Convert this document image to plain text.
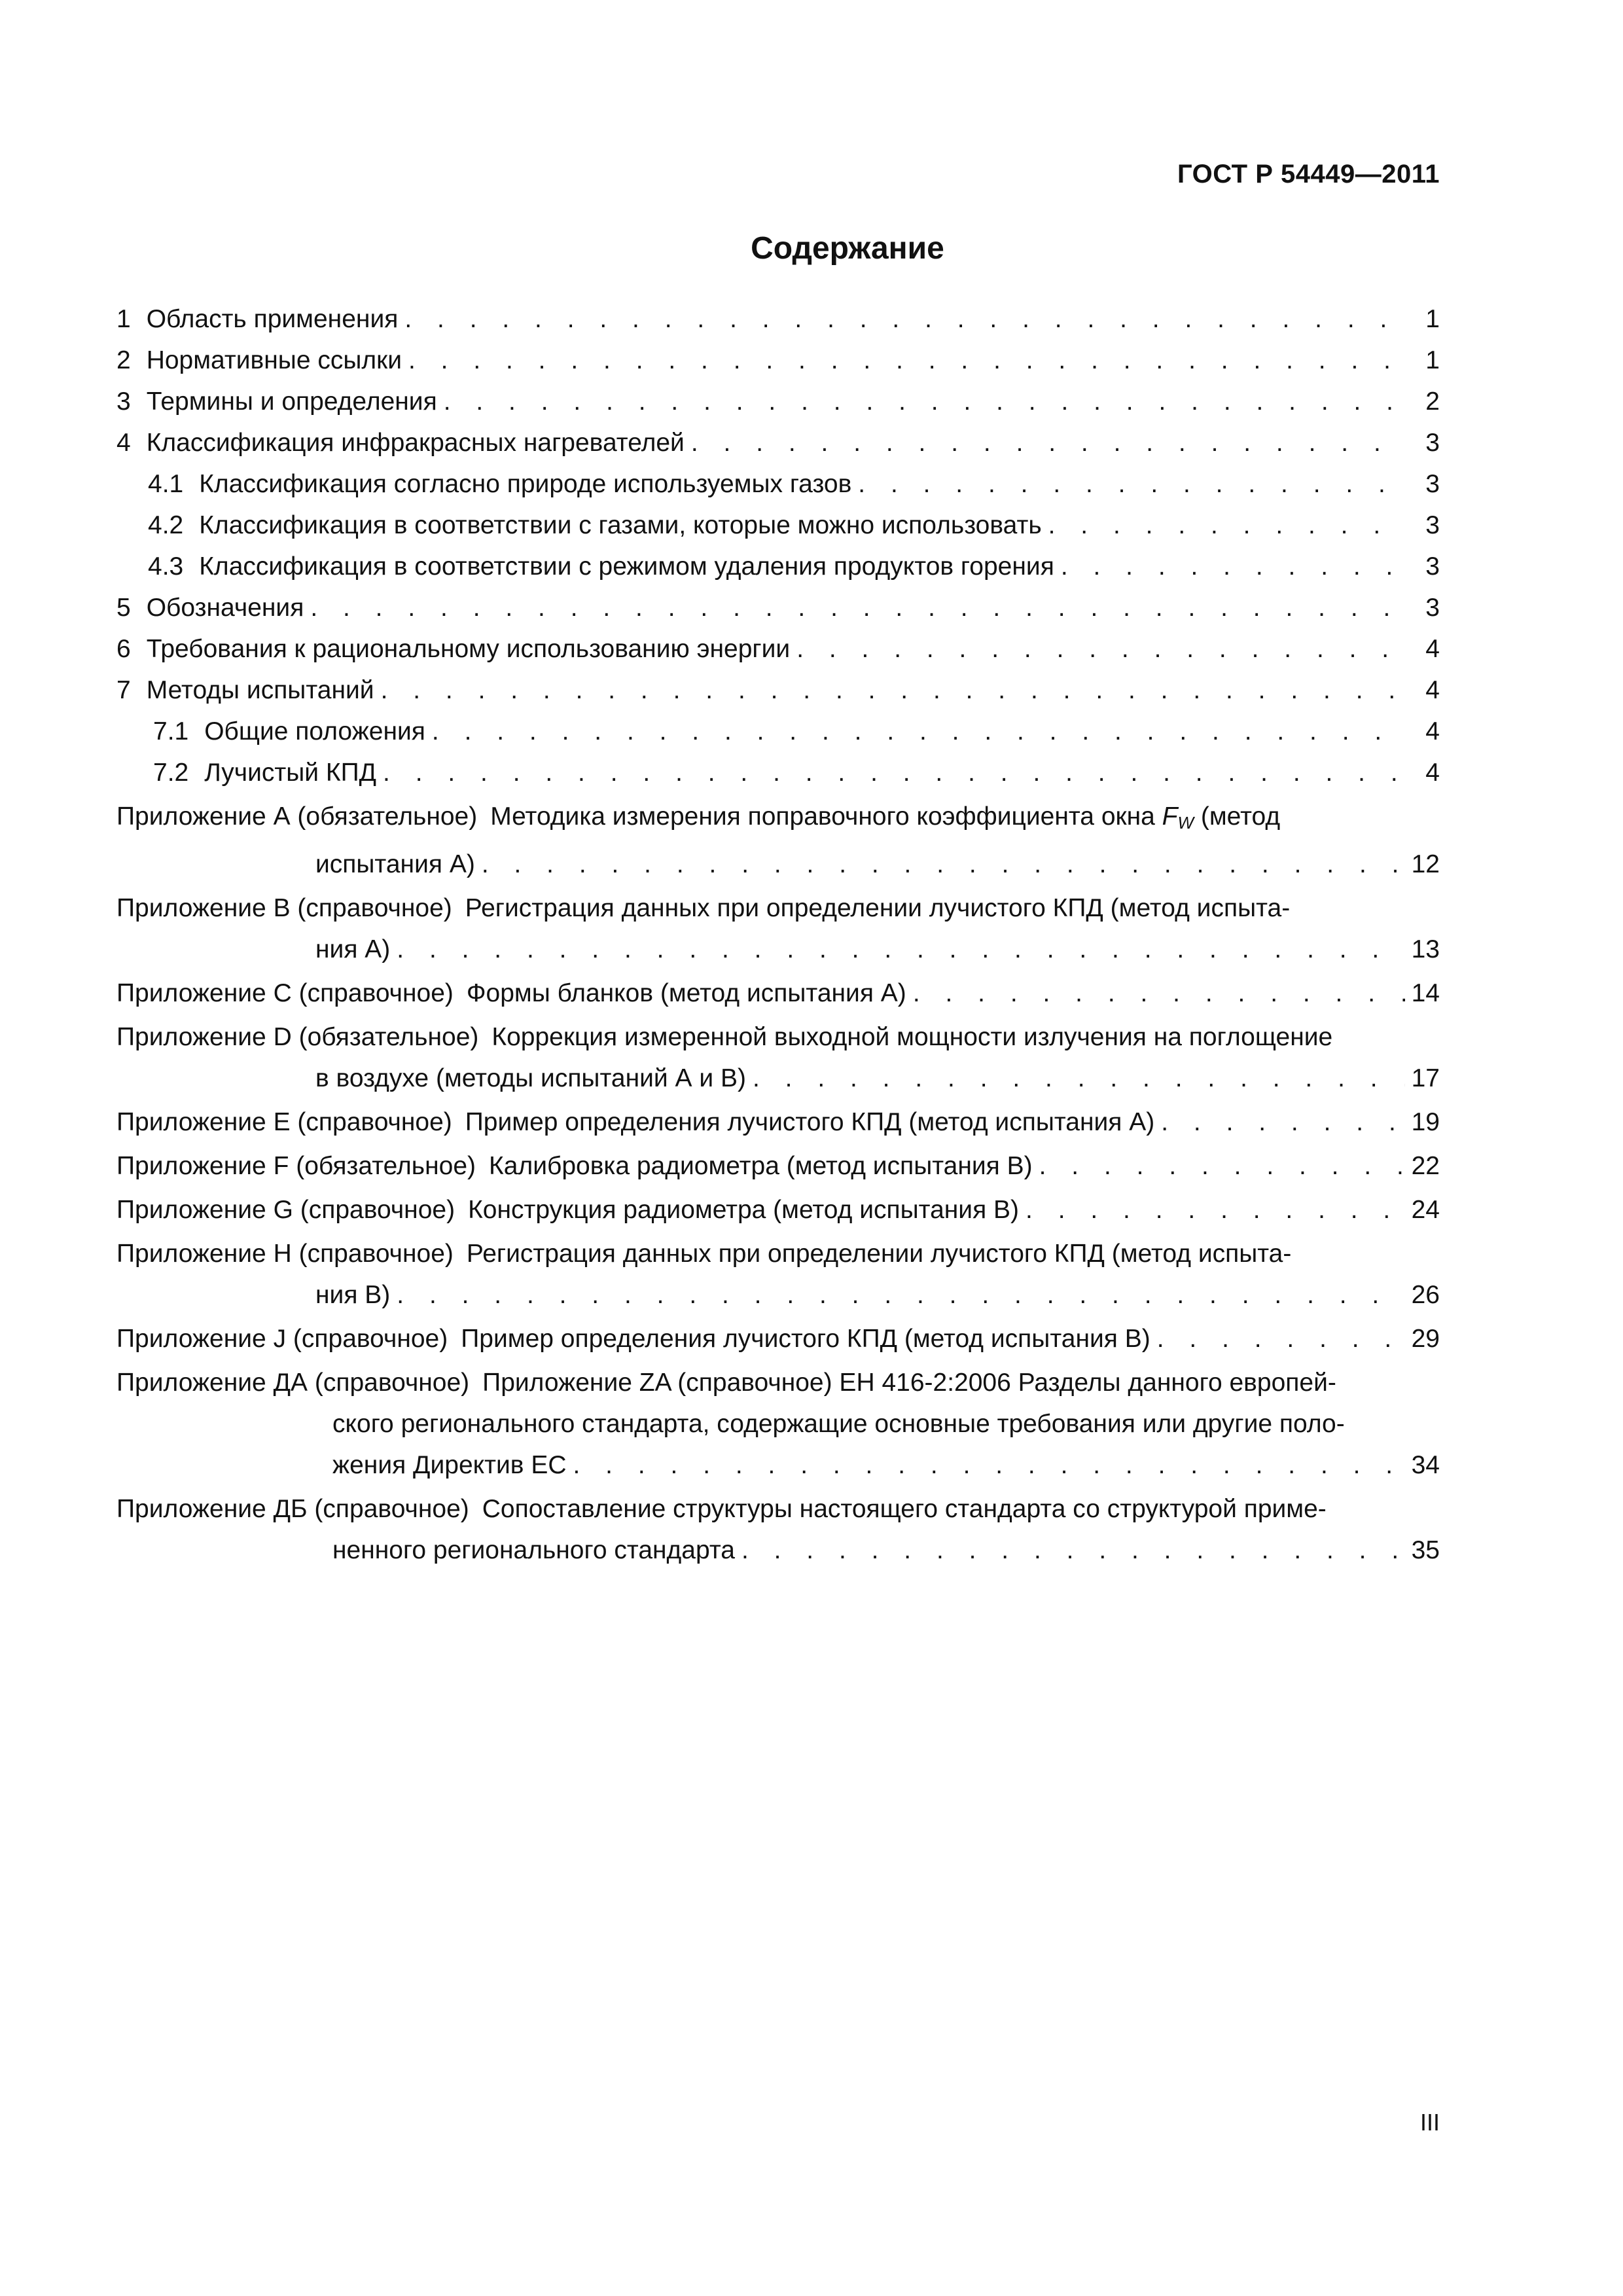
ГОСТ Р 54449—2011
Содержание
1 Область применения . . .	1
2 Нормативные ссылки . . .	1
3 Термины и определения . . .	2
4 Классификация инфракрасных нагревателей . . .	3
4.1 Классификация согласно природе используемых газов . . .	3
4.2 Классификация в соответствии с газами, которые можно использовать . . .	3
4.3 Классификация в соответствии с режимом удаления продуктов горения . . .	3
5 Обозначения . . .	3
6 Требования к рациональному использованию энергии . . .	4
7 Методы испытаний . . .	4
7.1 Общие положения . . .	4
7.2 Лучистый КПД . . .	4
Приложение А (обязательное) Методика измерения поправочного коэффициента окна $F_W$ (метод
испытания А) . . .	12
Приложение В (справочное) Регистрация данных при определении лучистого КПД (метод испыта-
ния А) . . .	13
Приложение С (справочное) Формы бланков (метод испытания А) . . .	14
Приложение D (обязательное) Коррекция измеренной выходной мощности излучения на поглощение
в воздухе (методы испытаний А и В) . . .	17
Приложение Е (справочное) Пример определения лучистого КПД (метод испытания А) . . .	19
Приложение F (обязательное) Калибровка радиометра (метод испытания В) . . .	22
Приложение G (справочное) Конструкция радиометра (метод испытания В) . . .	24
Приложение Н (справочное) Регистрация данных при определении лучистого КПД (метод испыта-
ния В) . . .	26
Приложение J (справочное) Пример определения лучистого КПД (метод испытания В) . . .	29
Приложение ДА (справочное) Приложение ZA (справочное) ЕН 416-2:2006 Разделы данного европей-
ского регионального стандарта, содержащие основные требования или другие поло-
жения Директив ЕС . . .	34
Приложение ДБ (справочное) Сопоставление структуры настоящего стандарта со структурой приме-
ненного регионального стандарта . . .	35
III
